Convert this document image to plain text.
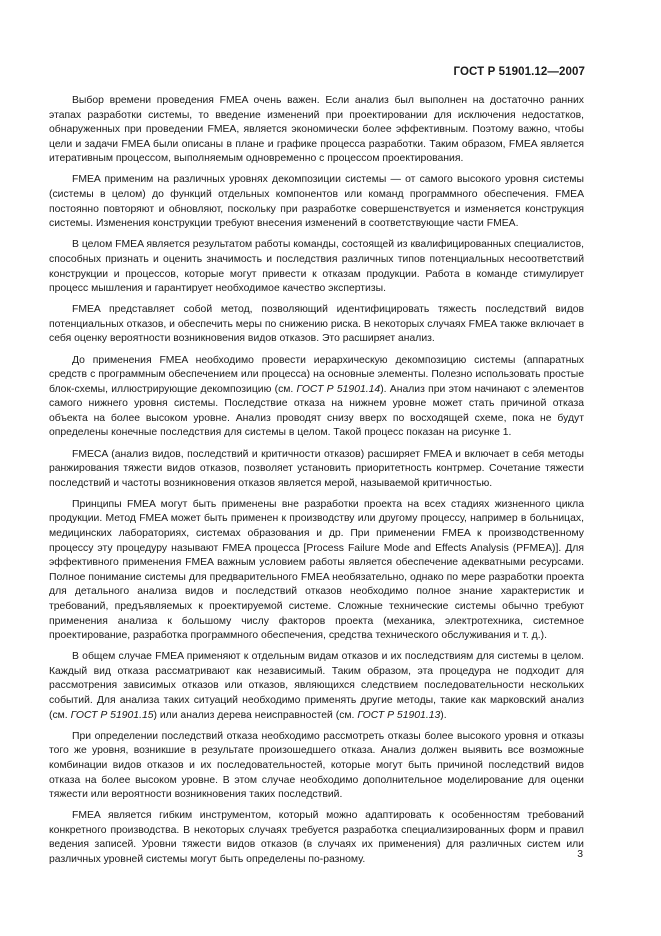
ГОСТ Р 51901.12—2007

Выбор времени проведения FMEA очень важен. Если анализ был выполнен на достаточно ранних этапах разработки системы, то введение изменений при проектировании для исключения недостатков, обнаруженных при проведении FMEA, является экономически более эффективным. Поэтому важно, чтобы цели и задачи FMEA были описаны в плане и графике процесса разработки. Таким образом, FMEA является итеративным процессом, выполняемым одновременно с процессом проектирования.

FMEA применим на различных уровнях декомпозиции системы — от самого высокого уровня системы (системы в целом) до функций отдельных компонентов или команд программного обеспечения. FMEA постоянно повторяют и обновляют, поскольку при разработке совершенствуется и изменяется конструкция системы. Изменения конструкции требуют внесения изменений в соответствующие части FMEA.

В целом FMEA является результатом работы команды, состоящей из квалифицированных специалистов, способных признать и оценить значимость и последствия различных типов потенциальных несоответствий конструкции и процессов, которые могут привести к отказам продукции. Работа в команде стимулирует процесс мышления и гарантирует необходимое качество экспертизы.

FMEA представляет собой метод, позволяющий идентифицировать тяжесть последствий видов потенциальных отказов, и обеспечить меры по снижению риска. В некоторых случаях FMEA также включает в себя оценку вероятности возникновения видов отказов. Это расширяет анализ.

До применения FMEA необходимо провести иерархическую декомпозицию системы (аппаратных средств с программным обеспечением или процесса) на основные элементы. Полезно использовать простые блок-схемы, иллюстрирующие декомпозицию (см. ГОСТ Р 51901.14). Анализ при этом начинают с элементов самого нижнего уровня системы. Последствие отказа на нижнем уровне может стать причиной отказа объекта на более высоком уровне. Анализ проводят снизу вверх по восходящей схеме, пока не будут определены конечные последствия для системы в целом. Такой процесс показан на рисунке 1.

FMECA (анализ видов, последствий и критичности отказов) расширяет FMEA и включает в себя методы ранжирования тяжести видов отказов, позволяет установить приоритетность контрмер. Сочетание тяжести последствий и частоты возникновения отказов является мерой, называемой критичностью.

Принципы FMEA могут быть применены вне разработки проекта на всех стадиях жизненного цикла продукции. Метод FMEA может быть применен к производству или другому процессу, например в больницах, медицинских лабораториях, системах образования и др. При применении FMEA к производственному процессу эту процедуру называют FMEA процесса [Process Failure Mode and Effects Analysis (PFMEA)]. Для эффективного применения FMEA важным условием работы является обеспечение адекватными ресурсами. Полное понимание системы для предварительного FMEA необязательно, однако по мере разработки проекта для детального анализа видов и последствий отказов необходимо полное знание характеристик и требований, предъявляемых к проектируемой системе. Сложные технические системы обычно требуют применения анализа к большому числу факторов проекта (механика, электротехника, системное проектирование, разработка программного обеспечения, средства технического обслуживания и т. д.).

В общем случае FMEA применяют к отдельным видам отказов и их последствиям для системы в целом. Каждый вид отказа рассматривают как независимый. Таким образом, эта процедура не подходит для рассмотрения зависимых отказов или отказов, являющихся следствием последовательности нескольких событий. Для анализа таких ситуаций необходимо применять другие методы, такие как марковский анализ (см. ГОСТ Р 51901.15) или анализ дерева неисправностей (см. ГОСТ Р 51901.13).

При определении последствий отказа необходимо рассмотреть отказы более высокого уровня и отказы того же уровня, возникшие в результате произошедшего отказа. Анализ должен выявить все возможные комбинации видов отказов и их последовательностей, которые могут быть причиной последствий видов отказа на более высоком уровне. В этом случае необходимо дополнительное моделирование для оценки тяжести или вероятности возникновения таких последствий.

FMEA является гибким инструментом, который можно адаптировать к особенностям требований конкретного производства. В некоторых случаях требуется разработка специализированных форм и правил ведения записей. Уровни тяжести видов отказов (в случаях их применения) для различных систем или различных уровней системы могут быть определены по-разному.	3
